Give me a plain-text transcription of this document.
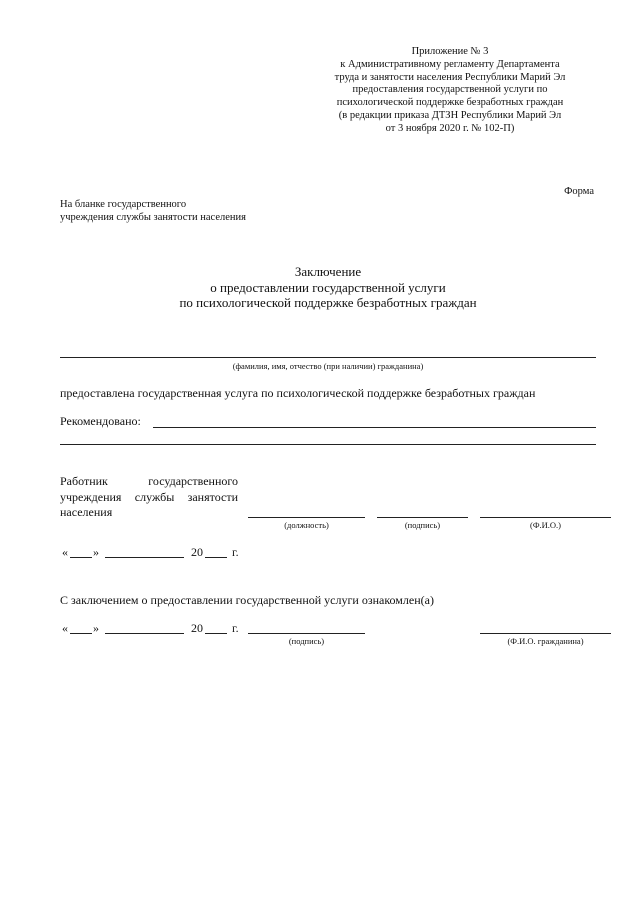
Приложение № 3
к Административному регламенту Департамента
труда и занятости населения Республики Марий Эл
предоставления государственной услуги по
психологической поддержке безработных граждан
(в редакции приказа ДТЗН Республики Марий Эл
от 3 ноября 2020 г. № 102-П)
Форма
На бланке государственного
учреждения службы занятости населения
Заключение
о предоставлении государственной услуги
по психологической поддержке безработных граждан
(фамилия, имя, отчество (при наличии) гражданина)
предоставлена государственная услуга по психологической поддержке безработных граждан
Рекомендовано:
Работник государственного учреждения службы занятости населения
(должность)	(подпись)	(Ф.И.О.)
« »	20 г.
С заключением о предоставлении государственной услуги ознакомлен(а)
« »	20 г.
(подпись)	(Ф.И.О. гражданина)
